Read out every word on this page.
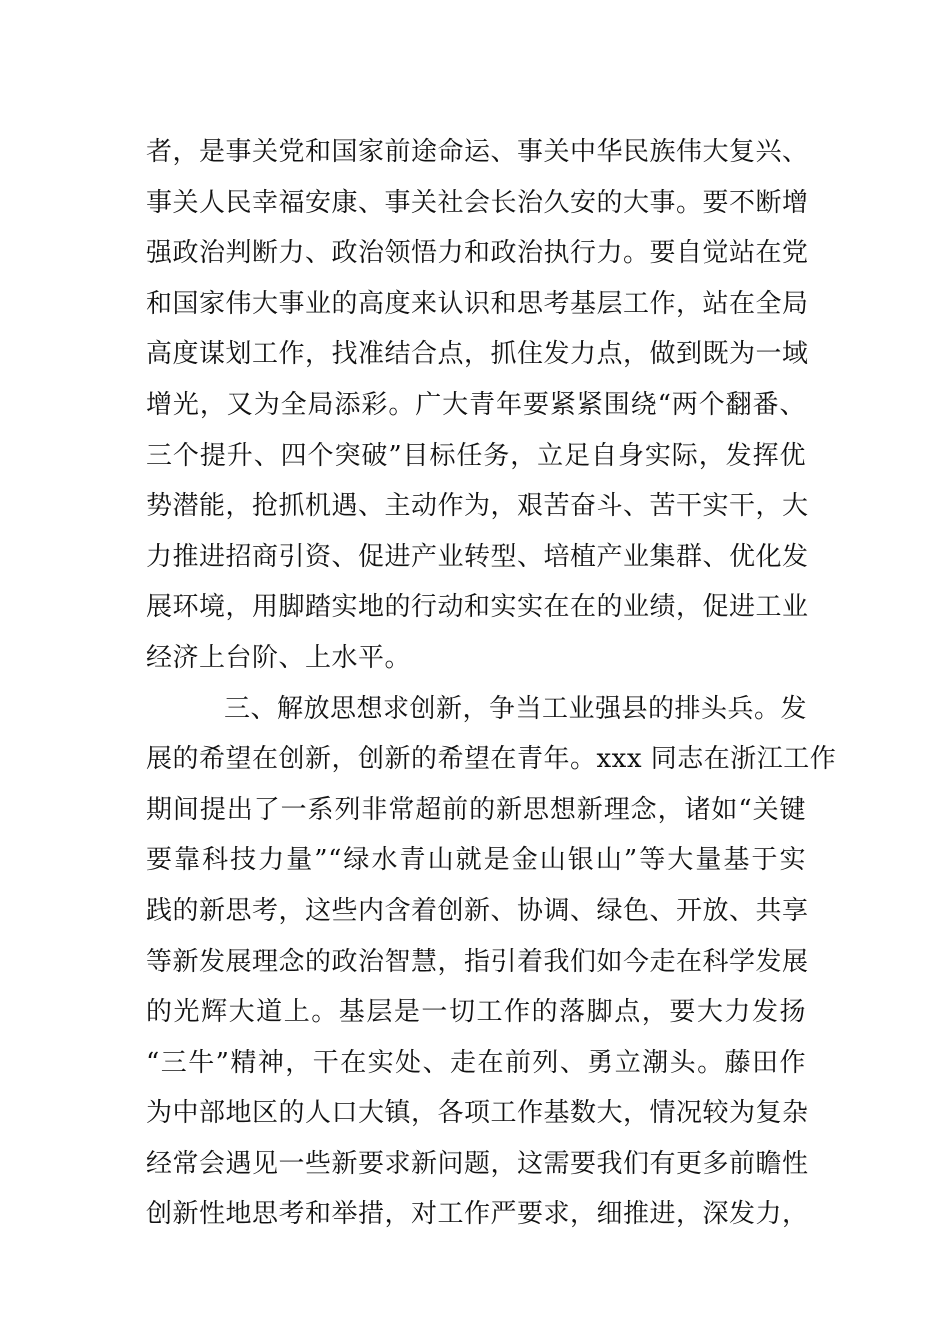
者，是事关党和国家前途命运、事关中华民族伟大复兴、
事关人民幸福安康、事关社会长治久安的大事。要不断增
强政治判断力、政治领悟力和政治执行力。要自觉站在党
和国家伟大事业的高度来认识和思考基层工作，站在全局
高度谋划工作，找准结合点，抓住发力点，做到既为一域
增光，又为全局添彩。广大青年要紧紧围绕“两个翻番、
三个提升、四个突破”目标任务，立足自身实际，发挥优
势潜能，抢抓机遇、主动作为，艰苦奋斗、苦干实干，大
力推进招商引资、促进产业转型、培植产业集群、优化发
展环境，用脚踏实地的行动和实实在在的业绩，促进工业
经济上台阶、上水平。
三、解放思想求创新，争当工业强县的排头兵。发
展的希望在创新，创新的希望在青年。xxx 同志在浙江工作
期间提出了一系列非常超前的新思想新理念，诸如“关键
要靠科技力量”“绿水青山就是金山银山”等大量基于实
践的新思考，这些内含着创新、协调、绿色、开放、共享
等新发展理念的政治智慧，指引着我们如今走在科学发展
的光辉大道上。基层是一切工作的落脚点，要大力发扬
“三牛”精神，干在实处、走在前列、勇立潮头。藤田作
为中部地区的人口大镇，各项工作基数大，情况较为复杂
经常会遇见一些新要求新问题，这需要我们有更多前瞻性
创新性地思考和举措，对工作严要求，细推进，深发力，
